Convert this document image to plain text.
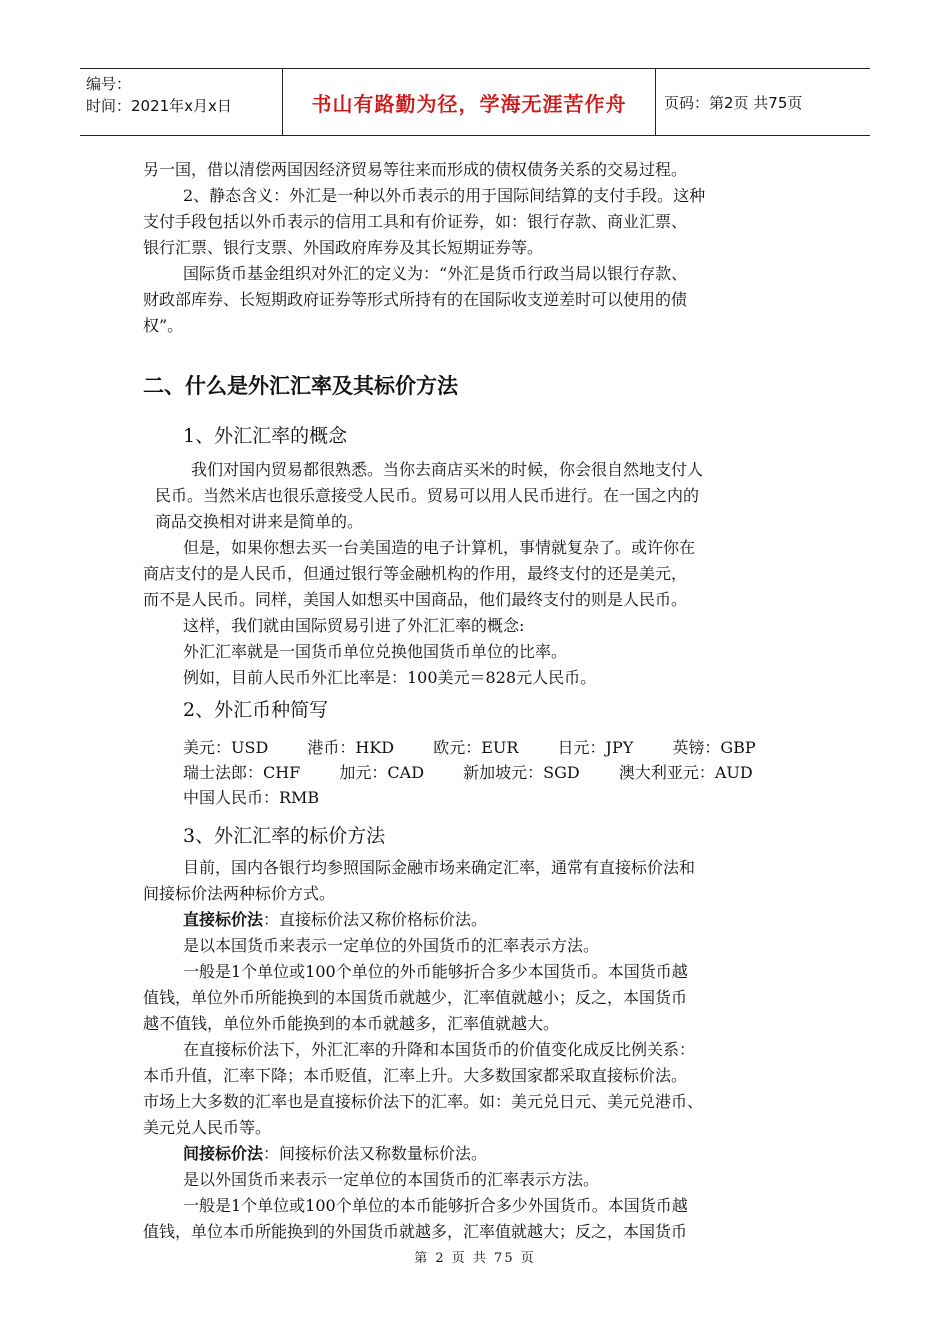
编号：
时间：2021年x月x日	书山有路勤为径，学海无涯苦作舟	页码：第2页 共75页

另一国，借以清偿两国因经济贸易等往来而形成的债权债务关系的交易过程。

2、静态含义：外汇是一种以外币表示的用于国际间结算的支付手段。这种

支付手段包括以外币表示的信用工具和有价证券，如：银行存款、商业汇票、

银行汇票、银行支票、外国政府库券及其长短期证券等。

国际货币基金组织对外汇的定义为：“外汇是货币行政当局以银行存款、

财政部库券、长短期政府证券等形式所持有的在国际收支逆差时可以使用的债

权”。

二、什么是外汇汇率及其标价方法
1、外汇汇率的概念

我们对国内贸易都很熟悉。当你去商店买米的时候，你会很自然地支付人

民币。当然米店也很乐意接受人民币。贸易可以用人民币进行。在一国之内的

商品交换相对讲来是简单的。

但是，如果你想去买一台美国造的电子计算机，事情就复杂了。或许你在

商店支付的是人民币，但通过银行等金融机构的作用，最终支付的还是美元，

而不是人民币。同样，美国人如想买中国商品，他们最终支付的则是人民币。

这样，我们就由国际贸易引进了外汇汇率的概念:

外汇汇率就是一国货币单位兑换他国货币单位的比率。

例如，目前人民币外汇比率是：100美元＝828元人民币。

2、外汇币种简写
美元：USD 港币：HKD 欧元：EUR 日元：JPY 英镑：GBP
瑞士法郎：CHF 加元：CAD 新加坡元：SGD 澳大利亚元：AUD
中国人民币：RMB
3、外汇汇率的标价方法

目前，国内各银行均参照国际金融市场来确定汇率，通常有直接标价法和

间接标价法两种标价方式。

直接标价法：直接标价法又称价格标价法。

是以本国货币来表示一定单位的外国货币的汇率表示方法。

一般是1个单位或100个单位的外币能够折合多少本国货币。本国货币越

值钱，单位外币所能换到的本国货币就越少，汇率值就越小；反之，本国货币

越不值钱，单位外币能换到的本币就越多，汇率值就越大。

在直接标价法下，外汇汇率的升降和本国货币的价值变化成反比例关系：

本币升值，汇率下降；本币贬值，汇率上升。大多数国家都采取直接标价法。

市场上大多数的汇率也是直接标价法下的汇率。如：美元兑日元、美元兑港币、

美元兑人民币等。

间接标价法：间接标价法又称数量标价法。

是以外国货币来表示一定单位的本国货币的汇率表示方法。

一般是1个单位或100个单位的本币能够折合多少外国货币。本国货币越

值钱，单位本币所能换到的外国货币就越多，汇率值就越大；反之，本国货币

第 2 页 共 75 页
